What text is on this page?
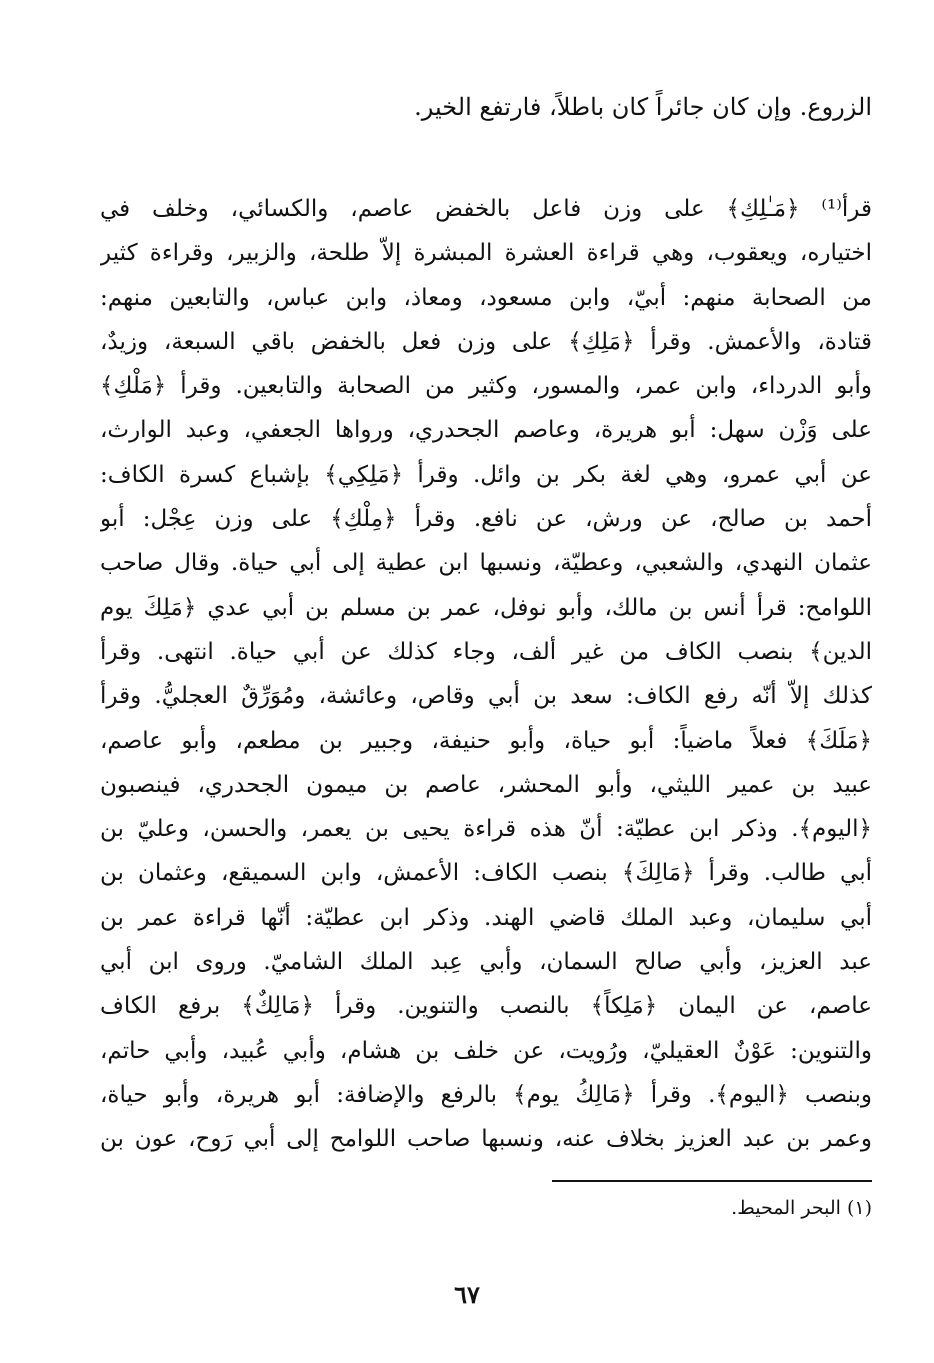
الزروع. وإن كان جائراً كان باطلاً، فارتفع الخير.
قرأ⁽¹⁾ ﴿مَـٰلِكِ﴾ على وزن فاعل بالخفض عاصم، والكسائي، وخلف في
اختياره، ويعقوب، وهي قراءة العشرة المبشرة إلاّ طلحة، والزبير، وقراءة كثير
من الصحابة منهم: أبيّ، وابن مسعود، ومعاذ، وابن عباس، والتابعين منهم:
قتادة، والأعمش. وقرأ ﴿مَلِكِ﴾ على وزن فعل بالخفض باقي السبعة، وزيدٌ،
وأبو الدرداء، وابن عمر، والمسور، وكثير من الصحابة والتابعين. وقرأ ﴿مَلْكِ﴾
على وَزْن سهل: أبو هريرة، وعاصم الجحدري، ورواها الجعفي، وعبد الوارث،
عن أبي عمرو، وهي لغة بكر بن وائل. وقرأ ﴿مَلِكِي﴾ بإشباع كسرة الكاف:
أحمد بن صالح، عن ورش، عن نافع. وقرأ ﴿مِلْكِ﴾ على وزن عِجْل: أبو
عثمان النهدي، والشعبي، وعطيّة، ونسبها ابن عطية إلى أبي حياة. وقال صاحب
اللوامح: قرأ أنس بن مالك، وأبو نوفل، عمر بن مسلم بن أبي عدي ﴿مَلِكَ يوم
الدين﴾ بنصب الكاف من غير ألف، وجاء كذلك عن أبي حياة. انتهى. وقرأ
كذلك إلاّ أنّه رفع الكاف: سعد بن أبي وقاص، وعائشة، ومُوَرِّقٌ العجليُّ. وقرأ
﴿مَلَكَ﴾ فعلاً ماضياً: أبو حياة، وأبو حنيفة، وجبير بن مطعم، وأبو عاصم،
عبيد بن عمير الليثي، وأبو المحشر، عاصم بن ميمون الجحدري، فينصبون
﴿اليوم﴾. وذكر ابن عطيّة: أنّ هذه قراءة يحيى بن يعمر، والحسن، وعليّ بن
أبي طالب. وقرأ ﴿مَالِكَ﴾ بنصب الكاف: الأعمش، وابن السميقع، وعثمان بن
أبي سليمان، وعبد الملك قاضي الهند. وذكر ابن عطيّة: أنّها قراءة عمر بن
عبد العزيز، وأبي صالح السمان، وأبي عِبد الملك الشاميّ. وروى ابن أبي
عاصم، عن اليمان ﴿مَلِكاً﴾ بالنصب والتنوين. وقرأ ﴿مَالِكٌ﴾ برفع الكاف
والتنوين: عَوْنٌ العقيليّ، ورُويت، عن خلف بن هشام، وأبي عُبيد، وأبي حاتم،
وبنصب ﴿اليوم﴾. وقرأ ﴿مَالِكُ يوم﴾ بالرفع والإضافة: أبو هريرة، وأبو حياة،
وعمر بن عبد العزيز بخلاف عنه، ونسبها صاحب اللوامح إلى أبي رَوح، عون بن
(١) البحر المحيط.
٦٧
